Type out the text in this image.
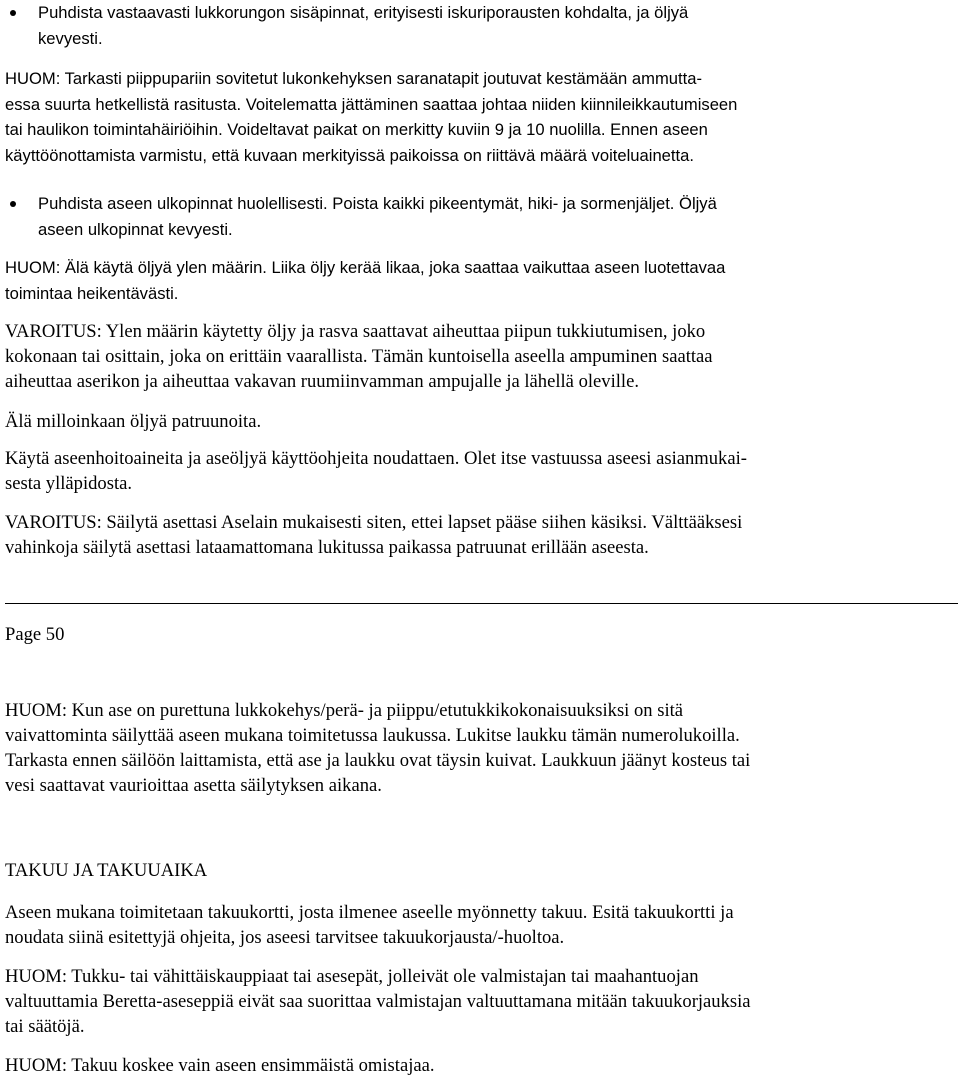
Puhdista vastaavasti lukkorungon sisäpinnat, erityisesti iskuriporausten kohdalta, ja öljyä
kevyesti.

HUOM: Tarkasti piippupariin sovitetut lukonkehyksen saranatapit joutuvat kestämään ammutta-
essa suurta hetkellistä rasitusta. Voitelematta jättäminen saattaa johtaa niiden kiinnileikkautumiseen
tai haulikon toimintahäiriöihin. Voideltavat paikat on merkitty kuviin 9 ja 10 nuolilla. Ennen aseen
käyttöönottamista varmistu, että kuvaan merkityissä paikoissa on riittävä määrä voiteluainetta.

Puhdista aseen ulkopinnat huolellisesti. Poista kaikki pikeentymät, hiki- ja sormenjäljet. Öljyä
aseen ulkopinnat kevyesti.

HUOM: Älä käytä öljyä ylen määrin. Liika öljy kerää likaa, joka saattaa vaikuttaa aseen luotettavaa
toimintaa heikentävästi.

VAROITUS: Ylen määrin käytetty öljy ja rasva saattavat aiheuttaa piipun tukkiutumisen, joko
kokonaan tai osittain, joka on erittäin vaarallista. Tämän kuntoisella aseella ampuminen saattaa
aiheuttaa aserikon ja aiheuttaa vakavan ruumiinvamman ampujalle ja lähellä oleville.

Älä milloinkaan öljyä patruunoita.

Käytä aseenhoitoaineita ja aseöljyä käyttöohjeita noudattaen. Olet itse vastuussa aseesi asianmukai-
sesta ylläpidosta.

VAROITUS: Säilytä asettasi Aselain mukaisesti siten, ettei lapset pääse siihen käsiksi. Välttääksesi
vahinkoja säilytä asettasi lataamattomana lukitussa paikassa patruunat erillään aseesta.

Page 50

HUOM: Kun ase on purettuna lukkokehys/perä- ja piippu/etutukkikokonaisuuksiksi on sitä
vaivattominta säilyttää aseen mukana toimitetussa laukussa. Lukitse laukku tämän numerolukoilla.
Tarkasta ennen säilöön laittamista, että ase ja laukku ovat täysin kuivat. Laukkuun jäänyt kosteus tai
vesi saattavat vaurioittaa asetta säilytyksen aikana.

TAKUU JA TAKUUAIKA

Aseen mukana toimitetaan takuukortti, josta ilmenee aseelle myönnetty takuu. Esitä takuukortti ja
noudata siinä esitettyjä ohjeita, jos aseesi tarvitsee takuukorjausta/-huoltoa.

HUOM: Tukku- tai vähittäiskauppiaat tai asesepät, jolleivät ole valmistajan tai maahantuojan
valtuuttamia Beretta-aseseppiä eivät saa suorittaa valmistajan valtuuttamana mitään takuukorjauksia
tai säätöjä.

HUOM: Takuu koskee vain aseen ensimmäistä omistajaa.
